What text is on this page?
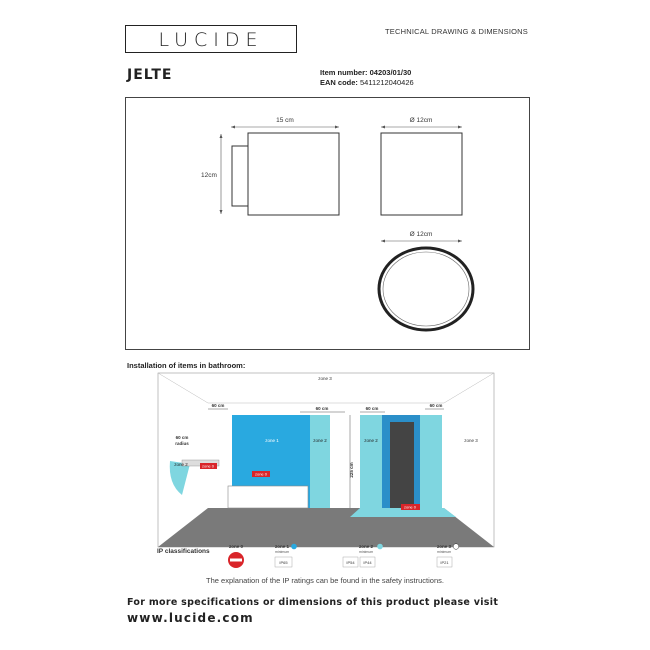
LUCIDE	TECHNICAL DRAWING & DIMENSIONS
JELTE	Item number: 04203/01/30
EAN code: 5411212040426
15 cm
12cm
Ø 12cm
Ø 12cm
Installation of items in bathroom:
zone 3
60 cm
60 cm	60 cm
60 cm
zone 1	zone 2	zone 2
zone 2	zone 0
zone 0
zone 0
zone 3
60 cm
radius
225 cm
IP classifications
zone 0	zone 1
minimum
IP65
zone 2
minimum
IP54 IP44
zone 3
minimum
IP21
The explanation of the IP ratings can be found in the safety instructions.
For more specifications or dimensions of this product please visit
www.lucide.com
